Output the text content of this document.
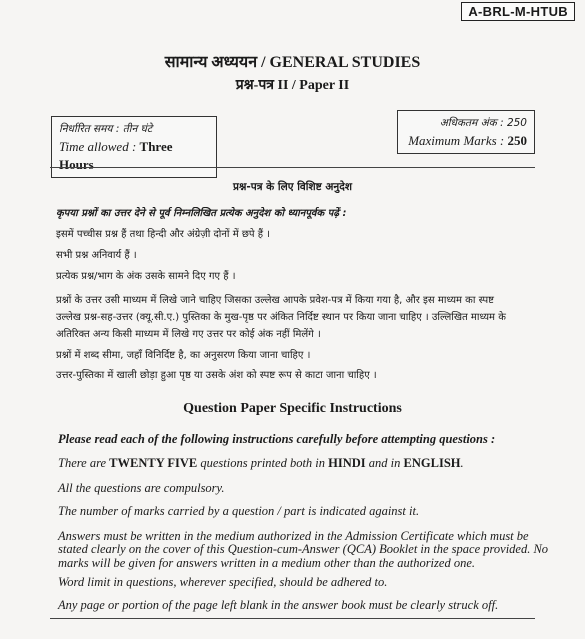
A-BRL-M-HTUB
सामान्य अध्ययन / GENERAL STUDIES
प्रश्न-पत्र II / Paper II
निर्धारित समय : तीन घंटे
Time allowed : Three Hours
अधिकतम अंक : 250
Maximum Marks : 250
प्रश्न-पत्र के लिए विशिष्ट अनुदेश
कृपया प्रश्नों का उत्तर देने से पूर्व निम्नलिखित प्रत्येक अनुदेश को ध्यानपूर्वक पढ़ें :
इसमें पच्चीस प्रश्न हैं तथा हिन्दी और अंग्रेज़ी दोनों में छपे हैं ।
सभी प्रश्न अनिवार्य हैं ।
प्रत्येक प्रश्न/भाग के अंक उसके सामने दिए गए हैं ।
प्रश्नों के उत्तर उसी माध्यम में लिखे जाने चाहिए जिसका उल्लेख आपके प्रवेश-पत्र में किया गया है, और इस माध्यम का स्पष्ट
उल्लेख प्रश्न-सह-उत्तर (क्यू.सी.ए.) पुस्तिका के मुख-पृष्ठ पर अंकित निर्दिष्ट स्थान पर किया जाना चाहिए । उल्लिखित माध्यम के
अतिरिक्त अन्य किसी माध्यम में लिखे गए उत्तर पर कोई अंक नहीं मिलेंगे ।
प्रश्नों में शब्द सीमा, जहाँ विनिर्दिष्ट है, का अनुसरण किया जाना चाहिए ।
उत्तर-पुस्तिका में खाली छोड़ा हुआ पृष्ठ या उसके अंश को स्पष्ट रूप से काटा जाना चाहिए ।
Question Paper Specific Instructions
Please read each of the following instructions carefully before attempting questions :
There are TWENTY FIVE questions printed both in HINDI and in ENGLISH.
All the questions are compulsory.
The number of marks carried by a question / part is indicated against it.
Answers must be written in the medium authorized in the Admission Certificate which must be
stated clearly on the cover of this Question-cum-Answer (QCA) Booklet in the space provided. No
marks will be given for answers written in a medium other than the authorized one.
Word limit in questions, wherever specified, should be adhered to.
Any page or portion of the page left blank in the answer book must be clearly struck off.
